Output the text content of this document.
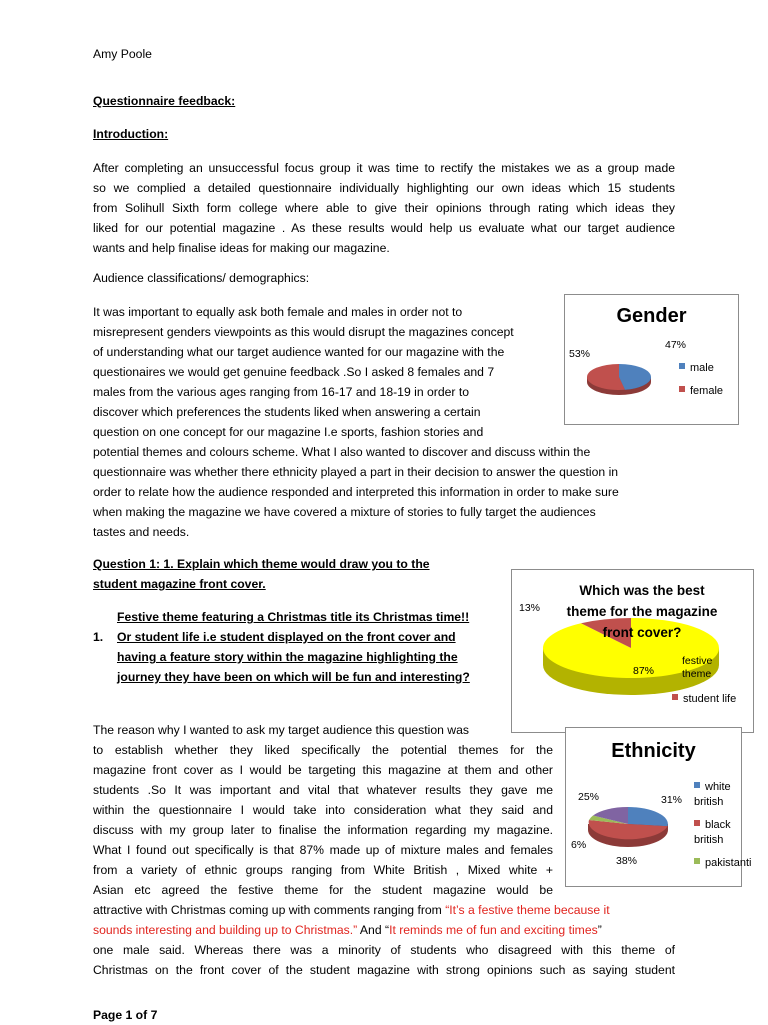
Amy Poole
Questionnaire feedback:
Introduction:
After completing an unsuccessful focus group it was time to rectify the mistakes we as a group made
so we complied a detailed questionnaire individually highlighting our own ideas which 15 students
from Solihull Sixth form college where able to give their opinions through rating which ideas they
liked for our potential magazine . As these results would help us evaluate what our target audience
wants and help finalise ideas for making our magazine.
Audience classifications/ demographics:
It was important to equally ask both female and males in order not to
misrepresent genders viewpoints as this would disrupt the magazines concept
of understanding what our target audience wanted for our magazine with the
questionaires we would get genuine feedback .So I asked 8 females and 7
males from the various ages ranging from 16-17 and 18-19 in order to
discover which preferences the students liked when answering a certain
question on one concept for our magazine I.e sports, fashion stories and
potential themes and colours scheme. What I also wanted to discover and discuss within the
questionnaire was whether there ethnicity played a part in their decision to answer the question in
order to relate how the audience responded and interpreted this information in order to make sure
when making the magazine we have covered a mixture of stories to fully target the audiences
tastes and needs.
Question 1: 1. Explain which theme would draw you to the
student magazine front cover.
Festive theme featuring a Christmas title its Christmas time!!
1. Or student life i.e student displayed on the front cover and
having a feature story within the magazine highlighting the
journey they have been on which will be fun and interesting?
The reason why I wanted to ask my target audience this question was
to establish whether they liked specifically the potential themes for the
magazine front cover as I would be targeting this magazine at them and other
students .So It was important and vital that whatever results they gave me
within the questionnaire I would take into consideration what they said and
discuss with my group later to finalise the information regarding my magazine.
What I found out specifically is that 87% made up of mixture males and females
from a variety of ethnic groups ranging from White British , Mixed white +
Asian etc agreed the festive theme for the student magazine would be
attractive with Christmas coming up with comments ranging from “It’s a festive theme because it
sounds interesting and building up to Christmas.” And “It reminds me of fun and exciting times”
one male said. Whereas there was a minority of students who disagreed with this theme of
Christmas on the front cover of the student magazine with strong opinions such as saying student
Page 1 of 7
Gender
47%
53%
male
female
Which was the best
theme for the magazine
front cover?
13%
87%
festive theme
student life
Ethnicity
31%
25%
6%
38%
white british
black british
pakistanti
